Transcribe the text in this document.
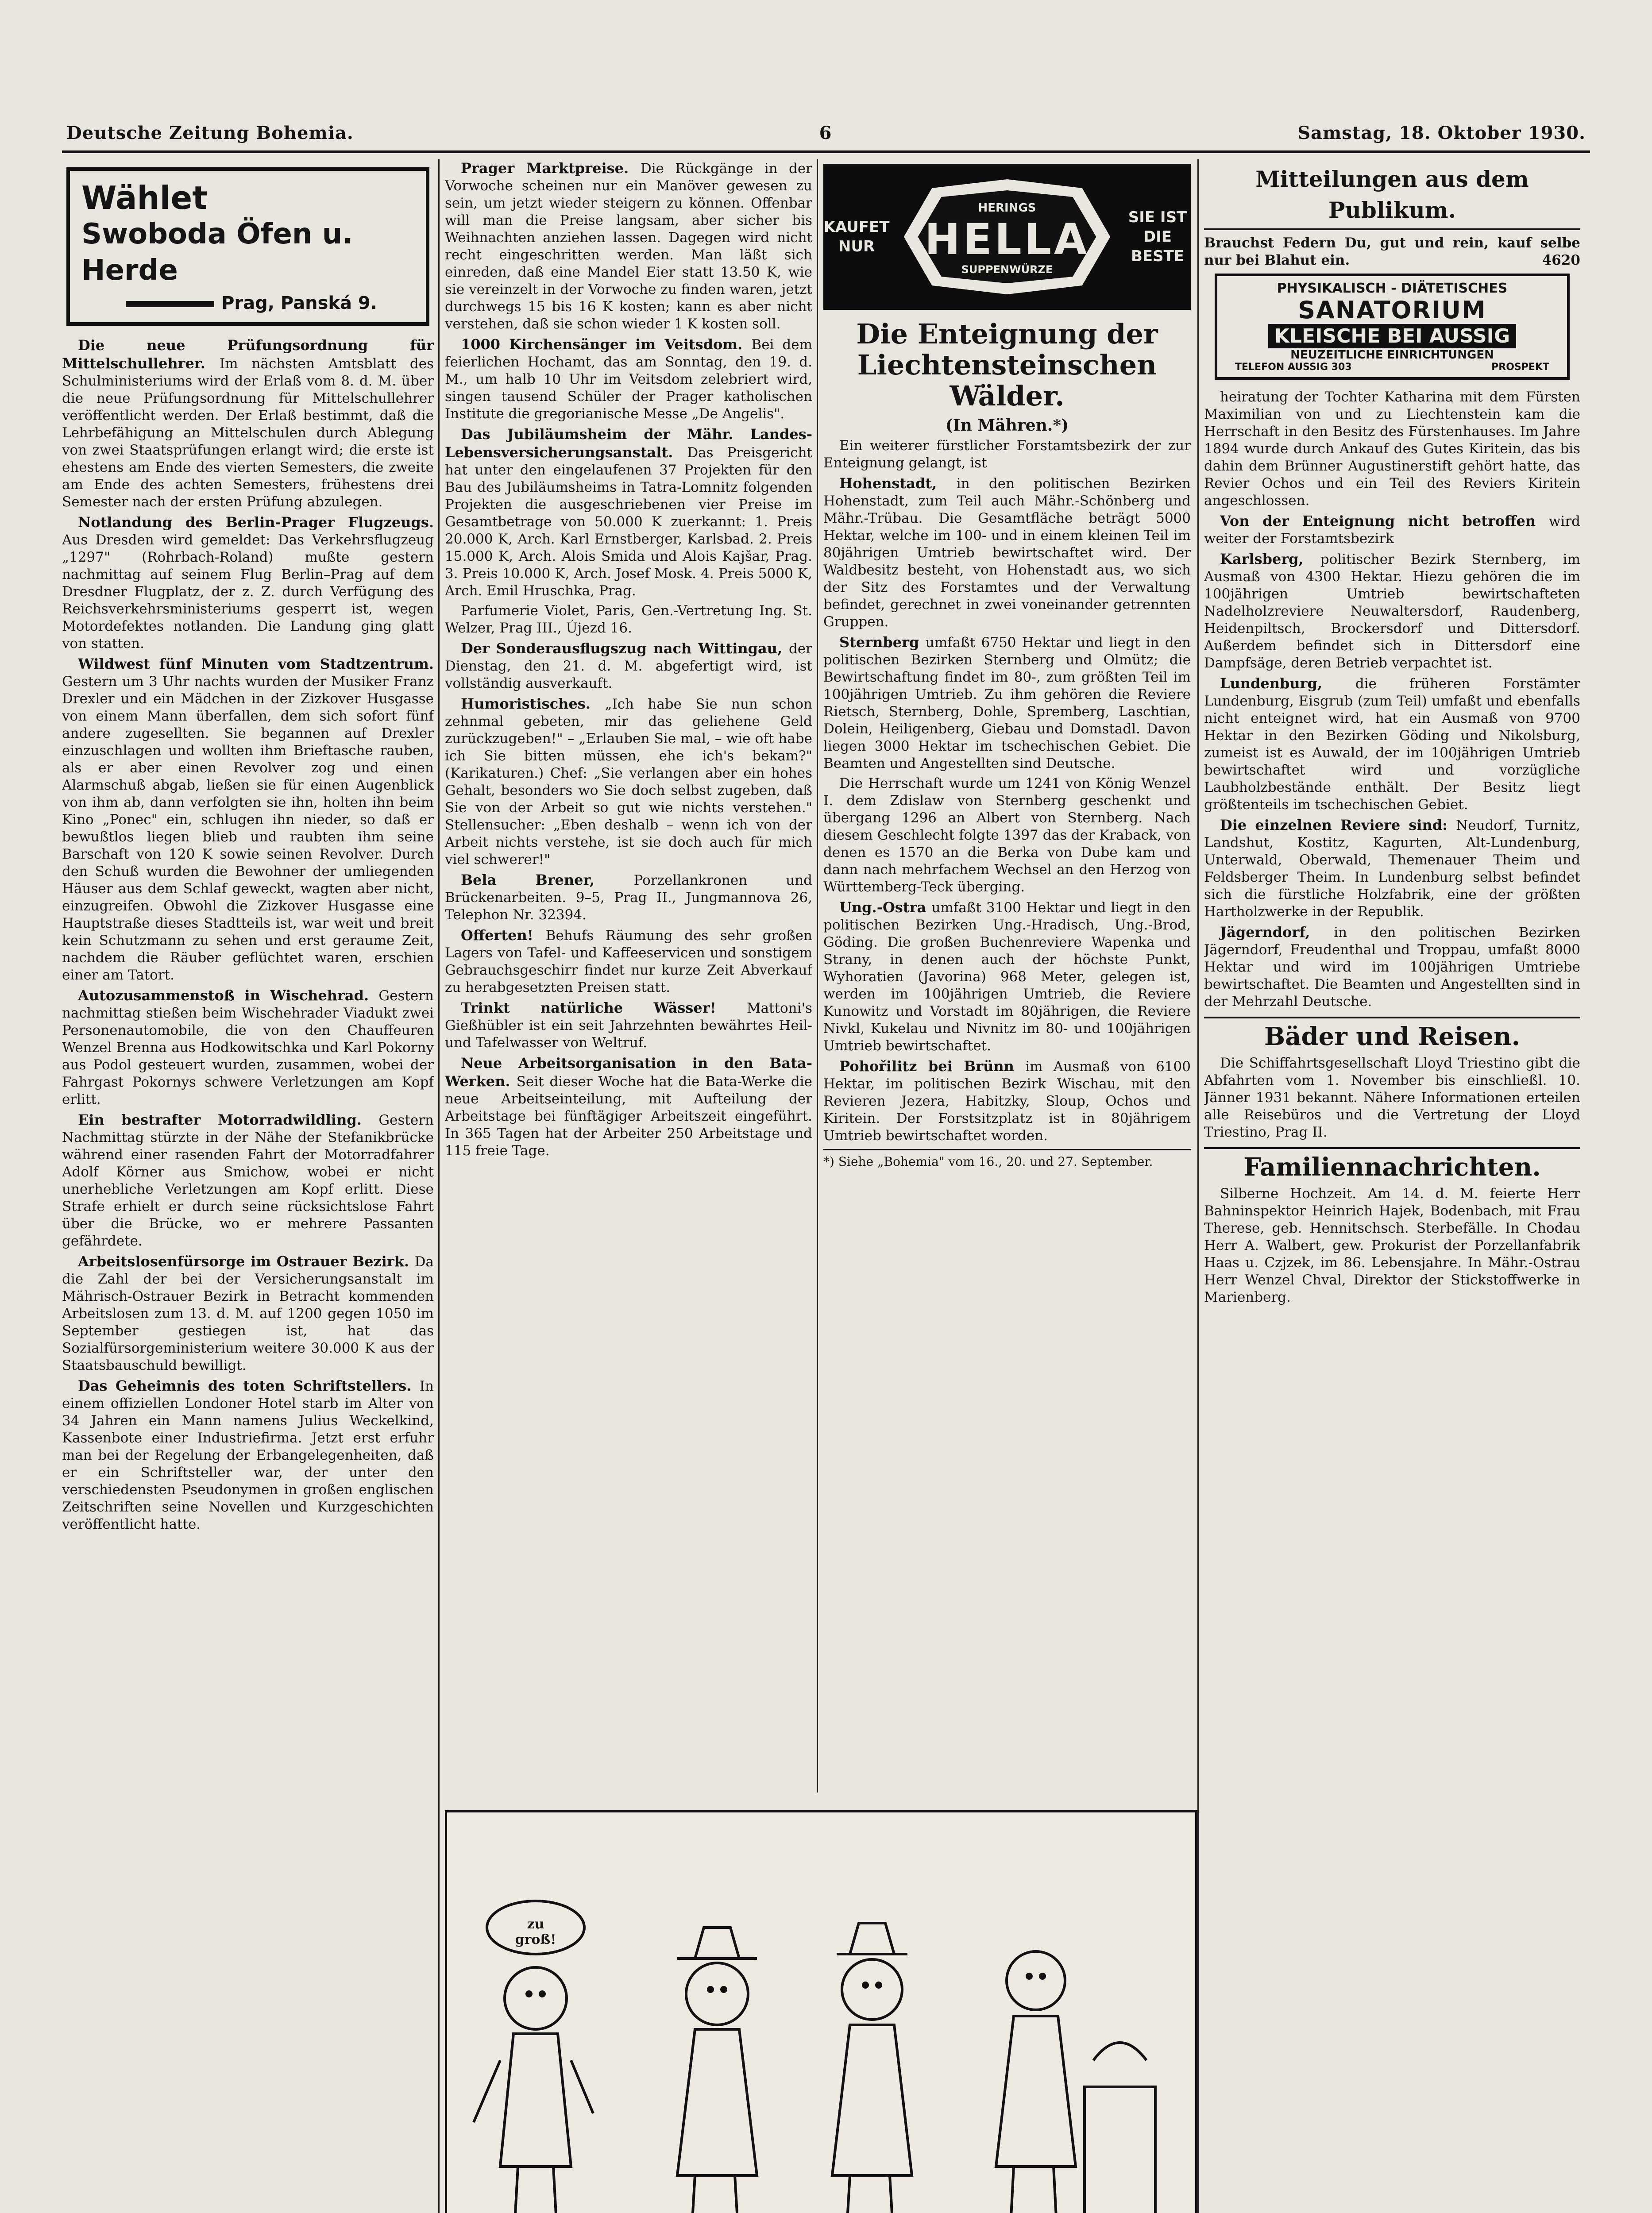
Deutsche Zeitung Bohemia.	6	Samstag, 18. Oktober 1930.
Wählet
Swoboda Öfen u. Herde
Prag, Panská 9.

Die neue Prüfungsordnung für Mittelschullehrer. Im nächsten Amtsblatt des Schulministeriums wird der Erlaß vom 8. d. M. über die neue Prüfungsordnung für Mittelschullehrer veröffentlicht werden. Der Erlaß bestimmt, daß die Lehrbefähigung an Mittelschulen durch Ablegung von zwei Staatsprüfungen erlangt wird; die erste ist ehestens am Ende des vierten Semesters, die zweite am Ende des achten Semesters, frühestens drei Semester nach der ersten Prüfung abzulegen.

Notlandung des Berlin-Prager Flugzeugs. Aus Dresden wird gemeldet: Das Verkehrsflugzeug „1297" (Rohrbach-Roland) mußte gestern nachmittag auf seinem Flug Berlin–Prag auf dem Dresdner Flugplatz, der z. Z. durch Verfügung des Reichsverkehrsministeriums gesperrt ist, wegen Motordefektes notlanden. Die Landung ging glatt von statten.

Wildwest fünf Minuten vom Stadtzentrum. Gestern um 3 Uhr nachts wurden der Musiker Franz Drexler und ein Mädchen in der Zizkover Husgasse von einem Mann überfallen, dem sich sofort fünf andere zugesellten. Sie begannen auf Drexler einzuschlagen und wollten ihm Brieftasche rauben, als er aber einen Revolver zog und einen Alarmschuß abgab, ließen sie für einen Augenblick von ihm ab, dann verfolgten sie ihn, holten ihn beim Kino „Ponec" ein, schlugen ihn nieder, so daß er bewußtlos liegen blieb und raubten ihm seine Barschaft von 120 K sowie seinen Revolver. Durch den Schuß wurden die Bewohner der umliegenden Häuser aus dem Schlaf geweckt, wagten aber nicht, einzugreifen. Obwohl die Zizkover Husgasse eine Hauptstraße dieses Stadtteils ist, war weit und breit kein Schutzmann zu sehen und erst geraume Zeit, nachdem die Räuber geflüchtet waren, erschien einer am Tatort.

Autozusammenstoß in Wischehrad. Gestern nachmittag stießen beim Wischehrader Viadukt zwei Personenautomobile, die von den Chauffeuren Wenzel Brenna aus Hodkowitschka und Karl Pokorny aus Podol gesteuert wurden, zusammen, wobei der Fahrgast Pokornys schwere Verletzungen am Kopf erlitt.

Ein bestrafter Motorradwildling. Gestern Nachmittag stürzte in der Nähe der Stefanikbrücke während einer rasenden Fahrt der Motorradfahrer Adolf Körner aus Smichow, wobei er nicht unerhebliche Verletzungen am Kopf erlitt. Diese Strafe erhielt er durch seine rücksichtslose Fahrt über die Brücke, wo er mehrere Passanten gefährdete.

Arbeitslosenfürsorge im Ostrauer Bezirk. Da die Zahl der bei der Versicherungsanstalt im Mährisch-Ostrauer Bezirk in Betracht kommenden Arbeitslosen zum 13. d. M. auf 1200 gegen 1050 im September gestiegen ist, hat das Sozialfürsorgeministerium weitere 30.000 K aus der Staatsbauschuld bewilligt.

Das Geheimnis des toten Schriftstellers. In einem offiziellen Londoner Hotel starb im Alter von 34 Jahren ein Mann namens Julius Weckelkind, Kassenbote einer Industriefirma. Jetzt erst erfuhr man bei der Regelung der Erbangelegenheiten, daß er ein Schriftsteller war, der unter den verschiedensten Pseudonymen in großen englischen Zeitschriften seine Novellen und Kurzgeschichten veröffentlicht hatte.

Prager Marktpreise. Die Rückgänge in der Vorwoche scheinen nur ein Manöver gewesen zu sein, um jetzt wieder steigern zu können. Offenbar will man die Preise langsam, aber sicher bis Weihnachten anziehen lassen. Dagegen wird nicht recht eingeschritten werden. Man läßt sich einreden, daß eine Mandel Eier statt 13.50 K, wie sie vereinzelt in der Vorwoche zu finden waren, jetzt durchwegs 15 bis 16 K kosten; kann es aber nicht verstehen, daß sie schon wieder 1 K kosten soll.

1000 Kirchensänger im Veitsdom. Bei dem feierlichen Hochamt, das am Sonntag, den 19. d. M., um halb 10 Uhr im Veitsdom zelebriert wird, singen tausend Schüler der Prager katholischen Institute die gregorianische Messe „De Angelis".

Das Jubiläumsheim der Mähr. Landes-Lebensversicherungsanstalt. Das Preisgericht hat unter den eingelaufenen 37 Projekten für den Bau des Jubiläumsheims in Tatra-Lomnitz folgenden Projekten die ausgeschriebenen vier Preise im Gesamtbetrage von 50.000 K zuerkannt: 1. Preis 20.000 K, Arch. Karl Ernstberger, Karlsbad. 2. Preis 15.000 K, Arch. Alois Smida und Alois Kajšar, Prag. 3. Preis 10.000 K, Arch. Josef Mosk. 4. Preis 5000 K, Arch. Emil Hruschka, Prag.

Parfumerie Violet, Paris, Gen.-Vertretung Ing. St. Welzer, Prag III., Újezd 16.

Der Sonderausflugszug nach Wittingau, der Dienstag, den 21. d. M. abgefertigt wird, ist vollständig ausverkauft.

Humoristisches. „Ich habe Sie nun schon zehnmal gebeten, mir das geliehene Geld zurückzugeben!" – „Erlauben Sie mal, – wie oft habe ich Sie bitten müssen, ehe ich's bekam?" (Karikaturen.) Chef: „Sie verlangen aber ein hohes Gehalt, besonders wo Sie doch selbst zugeben, daß Sie von der Arbeit so gut wie nichts verstehen." Stellensucher: „Eben deshalb – wenn ich von der Arbeit nichts verstehe, ist sie doch auch für mich viel schwerer!"

Bela Brener, Porzellankronen und Brückenarbeiten. 9–5, Prag II., Jungmannova 26, Telephon Nr. 32394.

Offerten! Behufs Räumung des sehr großen Lagers von Tafel- und Kaffeeservicen und sonstigem Gebrauchsgeschirr findet nur kurze Zeit Abverkauf zu herabgesetzten Preisen statt.

Trinkt natürliche Wässer! Mattoni's Gießhübler ist ein seit Jahrzehnten bewährtes Heil- und Tafelwasser von Weltruf.

Neue Arbeitsorganisation in den Bata-Werken. Seit dieser Woche hat die Bata-Werke die neue Arbeitseinteilung, mit Aufteilung der Arbeitstage bei fünftägiger Arbeitszeit eingeführt. In 365 Tagen hat der Arbeiter 250 Arbeitstage und 115 freie Tage.

KAUFET NUR
HERINGS
HELLA
SUPPENWÜRZE
SIE IST DIE BESTE
Die Enteignung der Liechtensteinschen Wälder.
(In Mähren.*)

Ein weiterer fürstlicher Forstamtsbezirk der zur Enteignung gelangt, ist

Hohenstadt, in den politischen Bezirken Hohenstadt, zum Teil auch Mähr.-Schönberg und Mähr.-Trübau. Die Gesamtfläche beträgt 5000 Hektar, welche im 100- und in einem kleinen Teil im 80jährigen Umtrieb bewirtschaftet wird. Der Waldbesitz besteht, von Hohenstadt aus, wo sich der Sitz des Forstamtes und der Verwaltung befindet, gerechnet in zwei voneinander getrennten Gruppen.

Sternberg umfaßt 6750 Hektar und liegt in den politischen Bezirken Sternberg und Olmütz; die Bewirtschaftung findet im 80-, zum größten Teil im 100jährigen Umtrieb. Zu ihm gehören die Reviere Rietsch, Sternberg, Dohle, Spremberg, Laschtian, Dolein, Heiligenberg, Giebau und Domstadl. Davon liegen 3000 Hektar im tschechischen Gebiet. Die Beamten und Angestellten sind Deutsche.

Die Herrschaft wurde um 1241 von König Wenzel I. dem Zdislaw von Sternberg geschenkt und übergang 1296 an Albert von Sternberg. Nach diesem Geschlecht folgte 1397 das der Kraback, von denen es 1570 an die Berka von Dube kam und dann nach mehrfachem Wechsel an den Herzog von Württemberg-Teck überging.

Ung.-Ostra umfaßt 3100 Hektar und liegt in den politischen Bezirken Ung.-Hradisch, Ung.-Brod, Göding. Die großen Buchenreviere Wapenka und Strany, in denen auch der höchste Punkt, Wyhoratien (Javorina) 968 Meter, gelegen ist, werden im 100jährigen Umtrieb, die Reviere Kunowitz und Vorstadt im 80jährigen, die Reviere Nivkl, Kukelau und Nivnitz im 80- und 100jährigen Umtrieb bewirtschaftet.

Pohořilitz bei Brünn im Ausmaß von 6100 Hektar, im politischen Bezirk Wischau, mit den Revieren Jezera, Habitzky, Sloup, Ochos und Kiritein. Der Forstsitzplatz ist in 80jährigem Umtrieb bewirtschaftet worden.

*) Siehe „Bohemia" vom 16., 20. und 27. September.

Mitteilungen aus dem Publikum.

Brauchst Federn Du, gut und rein, kauf selbe nur bei Blahut ein.	4620

PHYSIKALISCH - DIÄTETISCHES
SANATORIUM
KLEISCHE BEI AUSSIG
NEUZEITLICHE EINRICHTUNGEN
TELEFON AUSSIG 303	PROSPEKT

heiratung der Tochter Katharina mit dem Fürsten Maximilian von und zu Liechtenstein kam die Herrschaft in den Besitz des Fürstenhauses. Im Jahre 1894 wurde durch Ankauf des Gutes Kiritein, das bis dahin dem Brünner Augustinerstift gehört hatte, das Revier Ochos und ein Teil des Reviers Kiritein angeschlossen.

Von der Enteignung nicht betroffen wird weiter der Forstamtsbezirk

Karlsberg, politischer Bezirk Sternberg, im Ausmaß von 4300 Hektar. Hiezu gehören die im 100jährigen Umtrieb bewirtschafteten Nadelholzreviere Neuwaltersdorf, Raudenberg, Heidenpiltsch, Brockersdorf und Dittersdorf. Außerdem befindet sich in Dittersdorf eine Dampfsäge, deren Betrieb verpachtet ist.

Lundenburg, die früheren Forstämter Lundenburg, Eisgrub (zum Teil) umfaßt und ebenfalls nicht enteignet wird, hat ein Ausmaß von 9700 Hektar in den Bezirken Göding und Nikolsburg, zumeist ist es Auwald, der im 100jährigen Umtrieb bewirtschaftet wird und vorzügliche Laubholzbestände enthält. Der Besitz liegt größtenteils im tschechischen Gebiet.

Die einzelnen Reviere sind: Neudorf, Turnitz, Landshut, Kostitz, Kagurten, Alt-Lundenburg, Unterwald, Oberwald, Themenauer Theim und Feldsberger Theim. In Lundenburg selbst befindet sich die fürstliche Holzfabrik, eine der größten Hartholzwerke in der Republik.

Jägerndorf, in den politischen Bezirken Jägerndorf, Freudenthal und Troppau, umfaßt 8000 Hektar und wird im 100jährigen Umtriebe bewirtschaftet. Die Beamten und Angestellten sind in der Mehrzahl Deutsche.

Bäder und Reisen.

Die Schiffahrtsgesellschaft Lloyd Triestino gibt die Abfahrten vom 1. November bis einschließl. 10. Jänner 1931 bekannt. Nähere Informationen erteilen alle Reisebüros und die Vertretung der Lloyd Triestino, Prag II.

Familiennachrichten.

Silberne Hochzeit. Am 14. d. M. feierte Herr Bahninspektor Heinrich Hajek, Bodenbach, mit Frau Therese, geb. Hennitschsch. Sterbefälle. In Chodau Herr A. Walbert, gew. Prokurist der Porzellanfabrik Haas u. Czjzek, im 86. Lebensjahre. In Mähr.-Ostrau Herr Wenzel Chval, Direktor der Stickstoffwerke in Marienberg.

zu groß!
